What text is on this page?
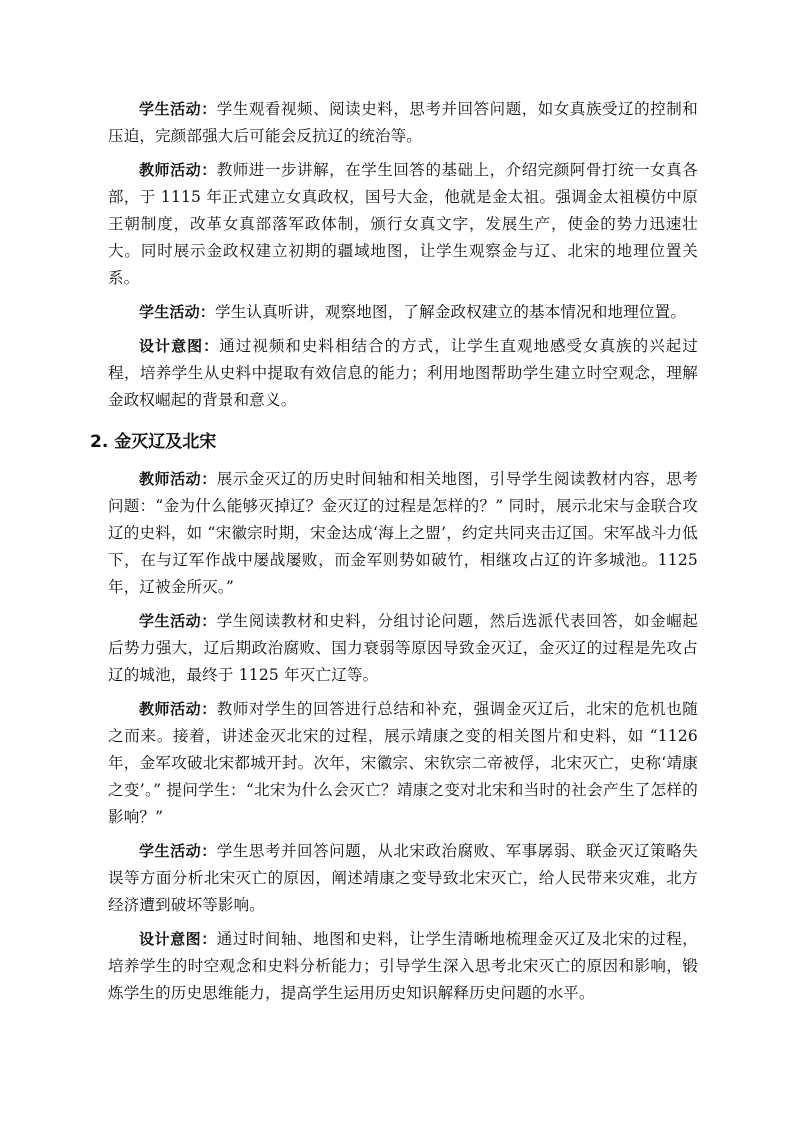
学生活动：学生观看视频、阅读史料，思考并回答问题，如女真族受辽的控制和压迫，完颜部强大后可能会反抗辽的统治等。

教师活动：教师进一步讲解，在学生回答的基础上，介绍完颜阿骨打统一女真各部，于 1115 年正式建立女真政权，国号大金，他就是金太祖。强调金太祖模仿中原王朝制度，改革女真部落军政体制，颁行女真文字，发展生产，使金的势力迅速壮大。同时展示金政权建立初期的疆域地图，让学生观察金与辽、北宋的地理位置关系。

学生活动：学生认真听讲，观察地图，了解金政权建立的基本情况和地理位置。

设计意图：通过视频和史料相结合的方式，让学生直观地感受女真族的兴起过程，培养学生从史料中提取有效信息的能力；利用地图帮助学生建立时空观念，理解金政权崛起的背景和意义。

2. 金灭辽及北宋

教师活动：展示金灭辽的历史时间轴和相关地图，引导学生阅读教材内容，思考问题：“金为什么能够灭掉辽？金灭辽的过程是怎样的？” 同时，展示北宋与金联合攻辽的史料，如 “宋徽宗时期，宋金达成‘海上之盟’，约定共同夹击辽国。宋军战斗力低下，在与辽军作战中屡战屡败，而金军则势如破竹，相继攻占辽的许多城池。1125 年，辽被金所灭。”

学生活动：学生阅读教材和史料，分组讨论问题，然后选派代表回答，如金崛起后势力强大，辽后期政治腐败、国力衰弱等原因导致金灭辽，金灭辽的过程是先攻占辽的城池，最终于 1125 年灭亡辽等。

教师活动：教师对学生的回答进行总结和补充，强调金灭辽后，北宋的危机也随之而来。接着，讲述金灭北宋的过程，展示靖康之变的相关图片和史料，如 “1126 年，金军攻破北宋都城开封。次年，宋徽宗、宋钦宗二帝被俘，北宋灭亡，史称‘靖康之变’。” 提问学生：“北宋为什么会灭亡？靖康之变对北宋和当时的社会产生了怎样的影响？”

学生活动：学生思考并回答问题，从北宋政治腐败、军事孱弱、联金灭辽策略失误等方面分析北宋灭亡的原因，阐述靖康之变导致北宋灭亡，给人民带来灾难，北方经济遭到破坏等影响。

设计意图：通过时间轴、地图和史料，让学生清晰地梳理金灭辽及北宋的过程，培养学生的时空观念和史料分析能力；引导学生深入思考北宋灭亡的原因和影响，锻炼学生的历史思维能力，提高学生运用历史知识解释历史问题的水平。
